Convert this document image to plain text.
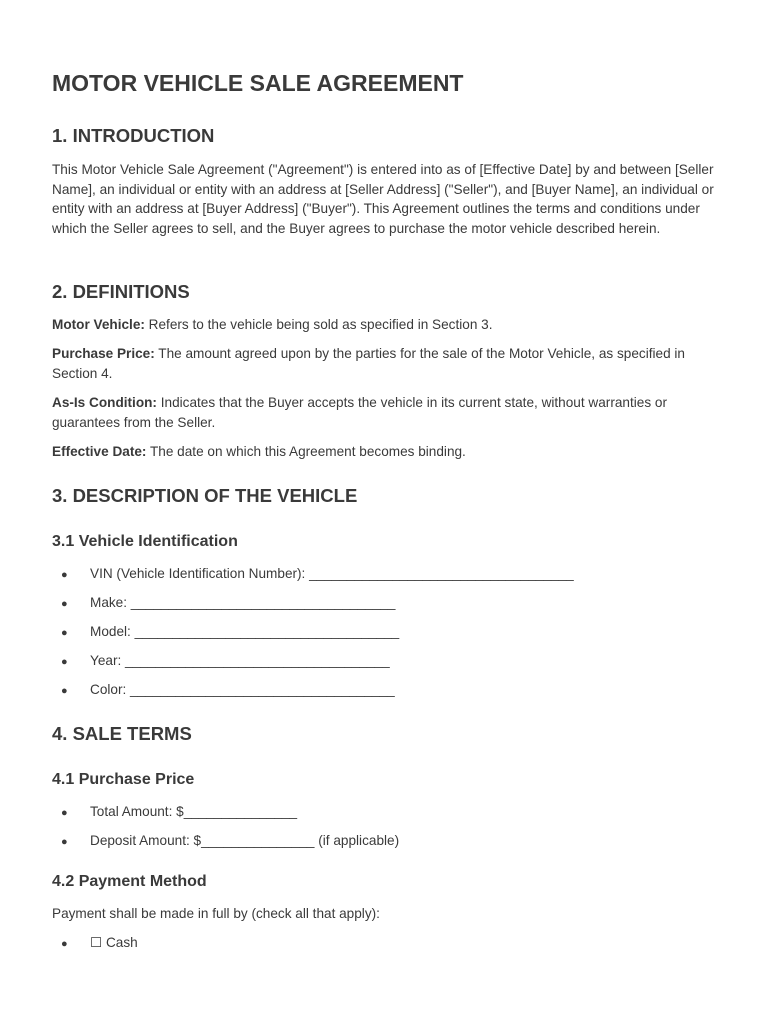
MOTOR VEHICLE SALE AGREEMENT
1. INTRODUCTION

This Motor Vehicle Sale Agreement ("Agreement") is entered into as of [Effective Date] by and between [Seller Name], an individual or entity with an address at [Seller Address] ("Seller"), and [Buyer Name], an individual or entity with an address at [Buyer Address] ("Buyer"). This Agreement outlines the terms and conditions under which the Seller agrees to sell, and the Buyer agrees to purchase the motor vehicle described herein.

2. DEFINITIONS

Motor Vehicle: Refers to the vehicle being sold as specified in Section 3.

Purchase Price: The amount agreed upon by the parties for the sale of the Motor Vehicle, as specified in Section 4.

As-Is Condition: Indicates that the Buyer accepts the vehicle in its current state, without warranties or guarantees from the Seller.

Effective Date: The date on which this Agreement becomes binding.

3. DESCRIPTION OF THE VEHICLE
3.1 Vehicle Identification
● VIN (Vehicle Identification Number): ___________________________________
● Make: ___________________________________
● Model: ___________________________________
● Year: ___________________________________
● Color: ___________________________________
4. SALE TERMS
4.1 Purchase Price
● Total Amount: $_______________
● Deposit Amount: $_______________ (if applicable)
4.2 Payment Method

Payment shall be made in full by (check all that apply):

● ☐ Cash
